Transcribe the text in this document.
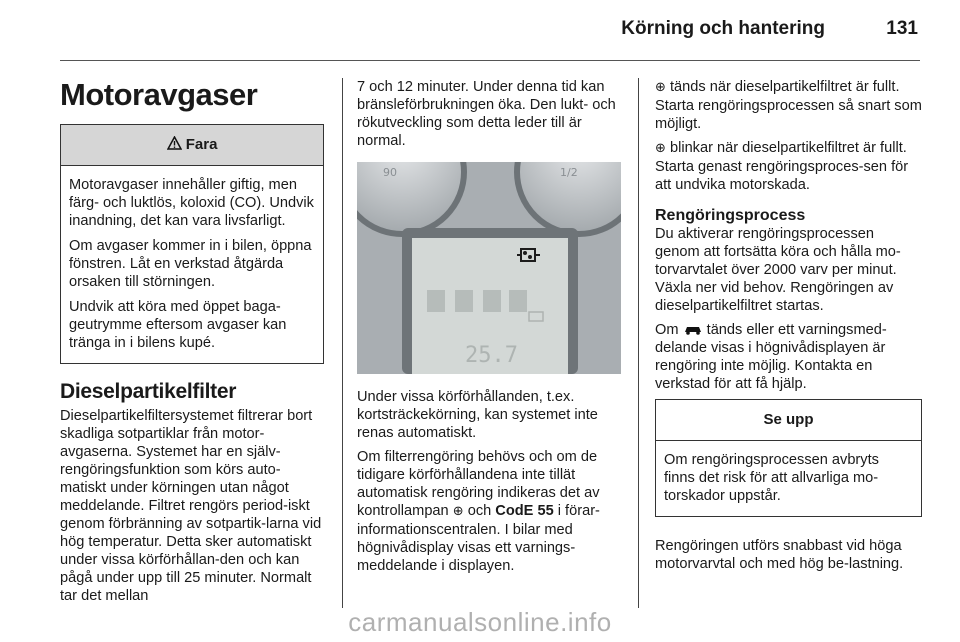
Körning och hantering	131
Motoravgaser
Fara

Motoravgaser innehåller giftig, men färg- och luktlös, koloxid (CO). Undvik inandning, det kan vara livsfarligt.

Om avgaser kommer in i bilen, öppna fönstren. Låt en verkstad åtgärda orsaken till störningen.

Undvik att köra med öppet baga-geutrymme eftersom avgaser kan tränga in i bilens kupé.

Dieselpartikelfilter

Dieselpartikelfiltersystemet filtrerar bort skadliga sotpartiklar från motor-avgaserna. Systemet har en själv-rengöringsfunktion som körs auto-matiskt under körningen utan något meddelande. Filtret rengörs period-iskt genom förbränning av sotpartik-larna vid hög temperatur. Detta sker automatiskt under vissa körförhållan-den och kan pågå under upp till 25 minuter. Normalt tar det mellan

7 och 12 minuter. Under denna tid kan bränsleförbrukningen öka. Den lukt- och rökutveckling som detta leder till är normal.

90	1/2
25.7

Under vissa körförhållanden, t.ex. kortsträckekörning, kan systemet inte renas automatiskt.

Om filterrengöring behövs och om de tidigare körförhållandena inte tillät automatisk rengöring indikeras det av kontrollampan ⊕ och CodE 55 i förar-informationscentralen. I bilar med högnivådisplay visas ett varnings-meddelande i displayen.

⊕ tänds när dieselpartikelfiltret är fullt. Starta rengöringsprocessen så snart som möjligt.

⊕ blinkar när dieselpartikelfiltret är fullt. Starta genast rengöringsproces-sen för att undvika motorskada.

Rengöringsprocess

Du aktiverar rengöringsprocessen genom att fortsätta köra och hålla mo-torvarvtalet över 2000 varv per minut. Växla ner vid behov. Rengöringen av dieselpartikelfiltret startas.

Om tänds eller ett varningsmed-delande visas i högnivådisplayen är rengöring inte möjlig. Kontakta en verkstad för att få hjälp.

Se upp

Om rengöringsprocessen avbryts finns det risk för att allvarliga mo-torskador uppstår.

Rengöringen utförs snabbast vid höga motorvarvtal och med hög be-lastning.

carmanualsonline.info
